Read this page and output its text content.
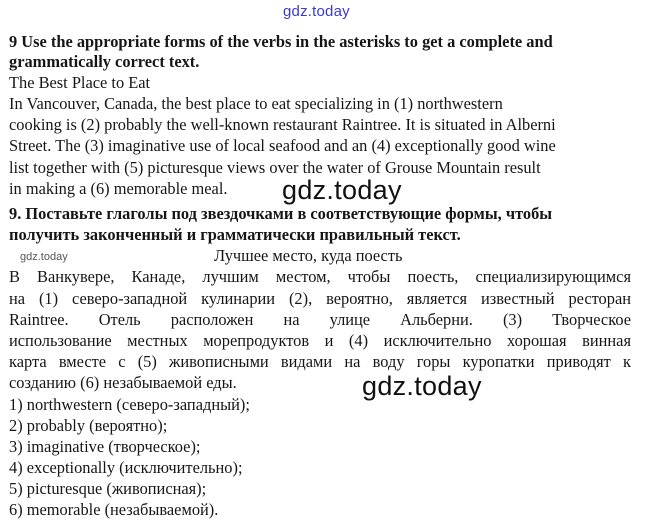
gdz.today
9 Use the appropriate forms of the verbs in the asterisks to get a complete and
grammatically correct text.
The Best Place to Eat
In Vancouver, Canada, the best place to eat specializing in (1) northwestern
cooking is (2) probably the well-known restaurant Raintree. It is situated in Alberni
Street. The (3) imaginative use of local seafood and an (4) exceptionally good wine
list together with (5) picturesque views over the water of Grouse Mountain result
in making a (6) memorable meal. gdz.today
9. Поставьте глаголы под звездочками в соответствующие формы, чтобы
получить законченный и грамматически правильный текст.
gdz.today	Лучшее место, куда поесть
В Ванкувере, Канаде, лучшим местом, чтобы поесть, специализирующимся
на (1) северо-западной кулинарии (2), вероятно, является известный ресторан
Raintree. Отель расположен на улице Альберни. (3) Творческое
использование местных морепродуктов и (4) исключительно хорошая винная
карта вместе с (5) живописными видами на воду горы куропатки приводят к
созданию (6) незабываемой еды.	gdz.today
1) northwestern (северо-западный);
2) probably (вероятно);
3) imaginative (творческое);
4) exceptionally (исключительно);
5) picturesque (живописная);
6) memorable (незабываемой).
